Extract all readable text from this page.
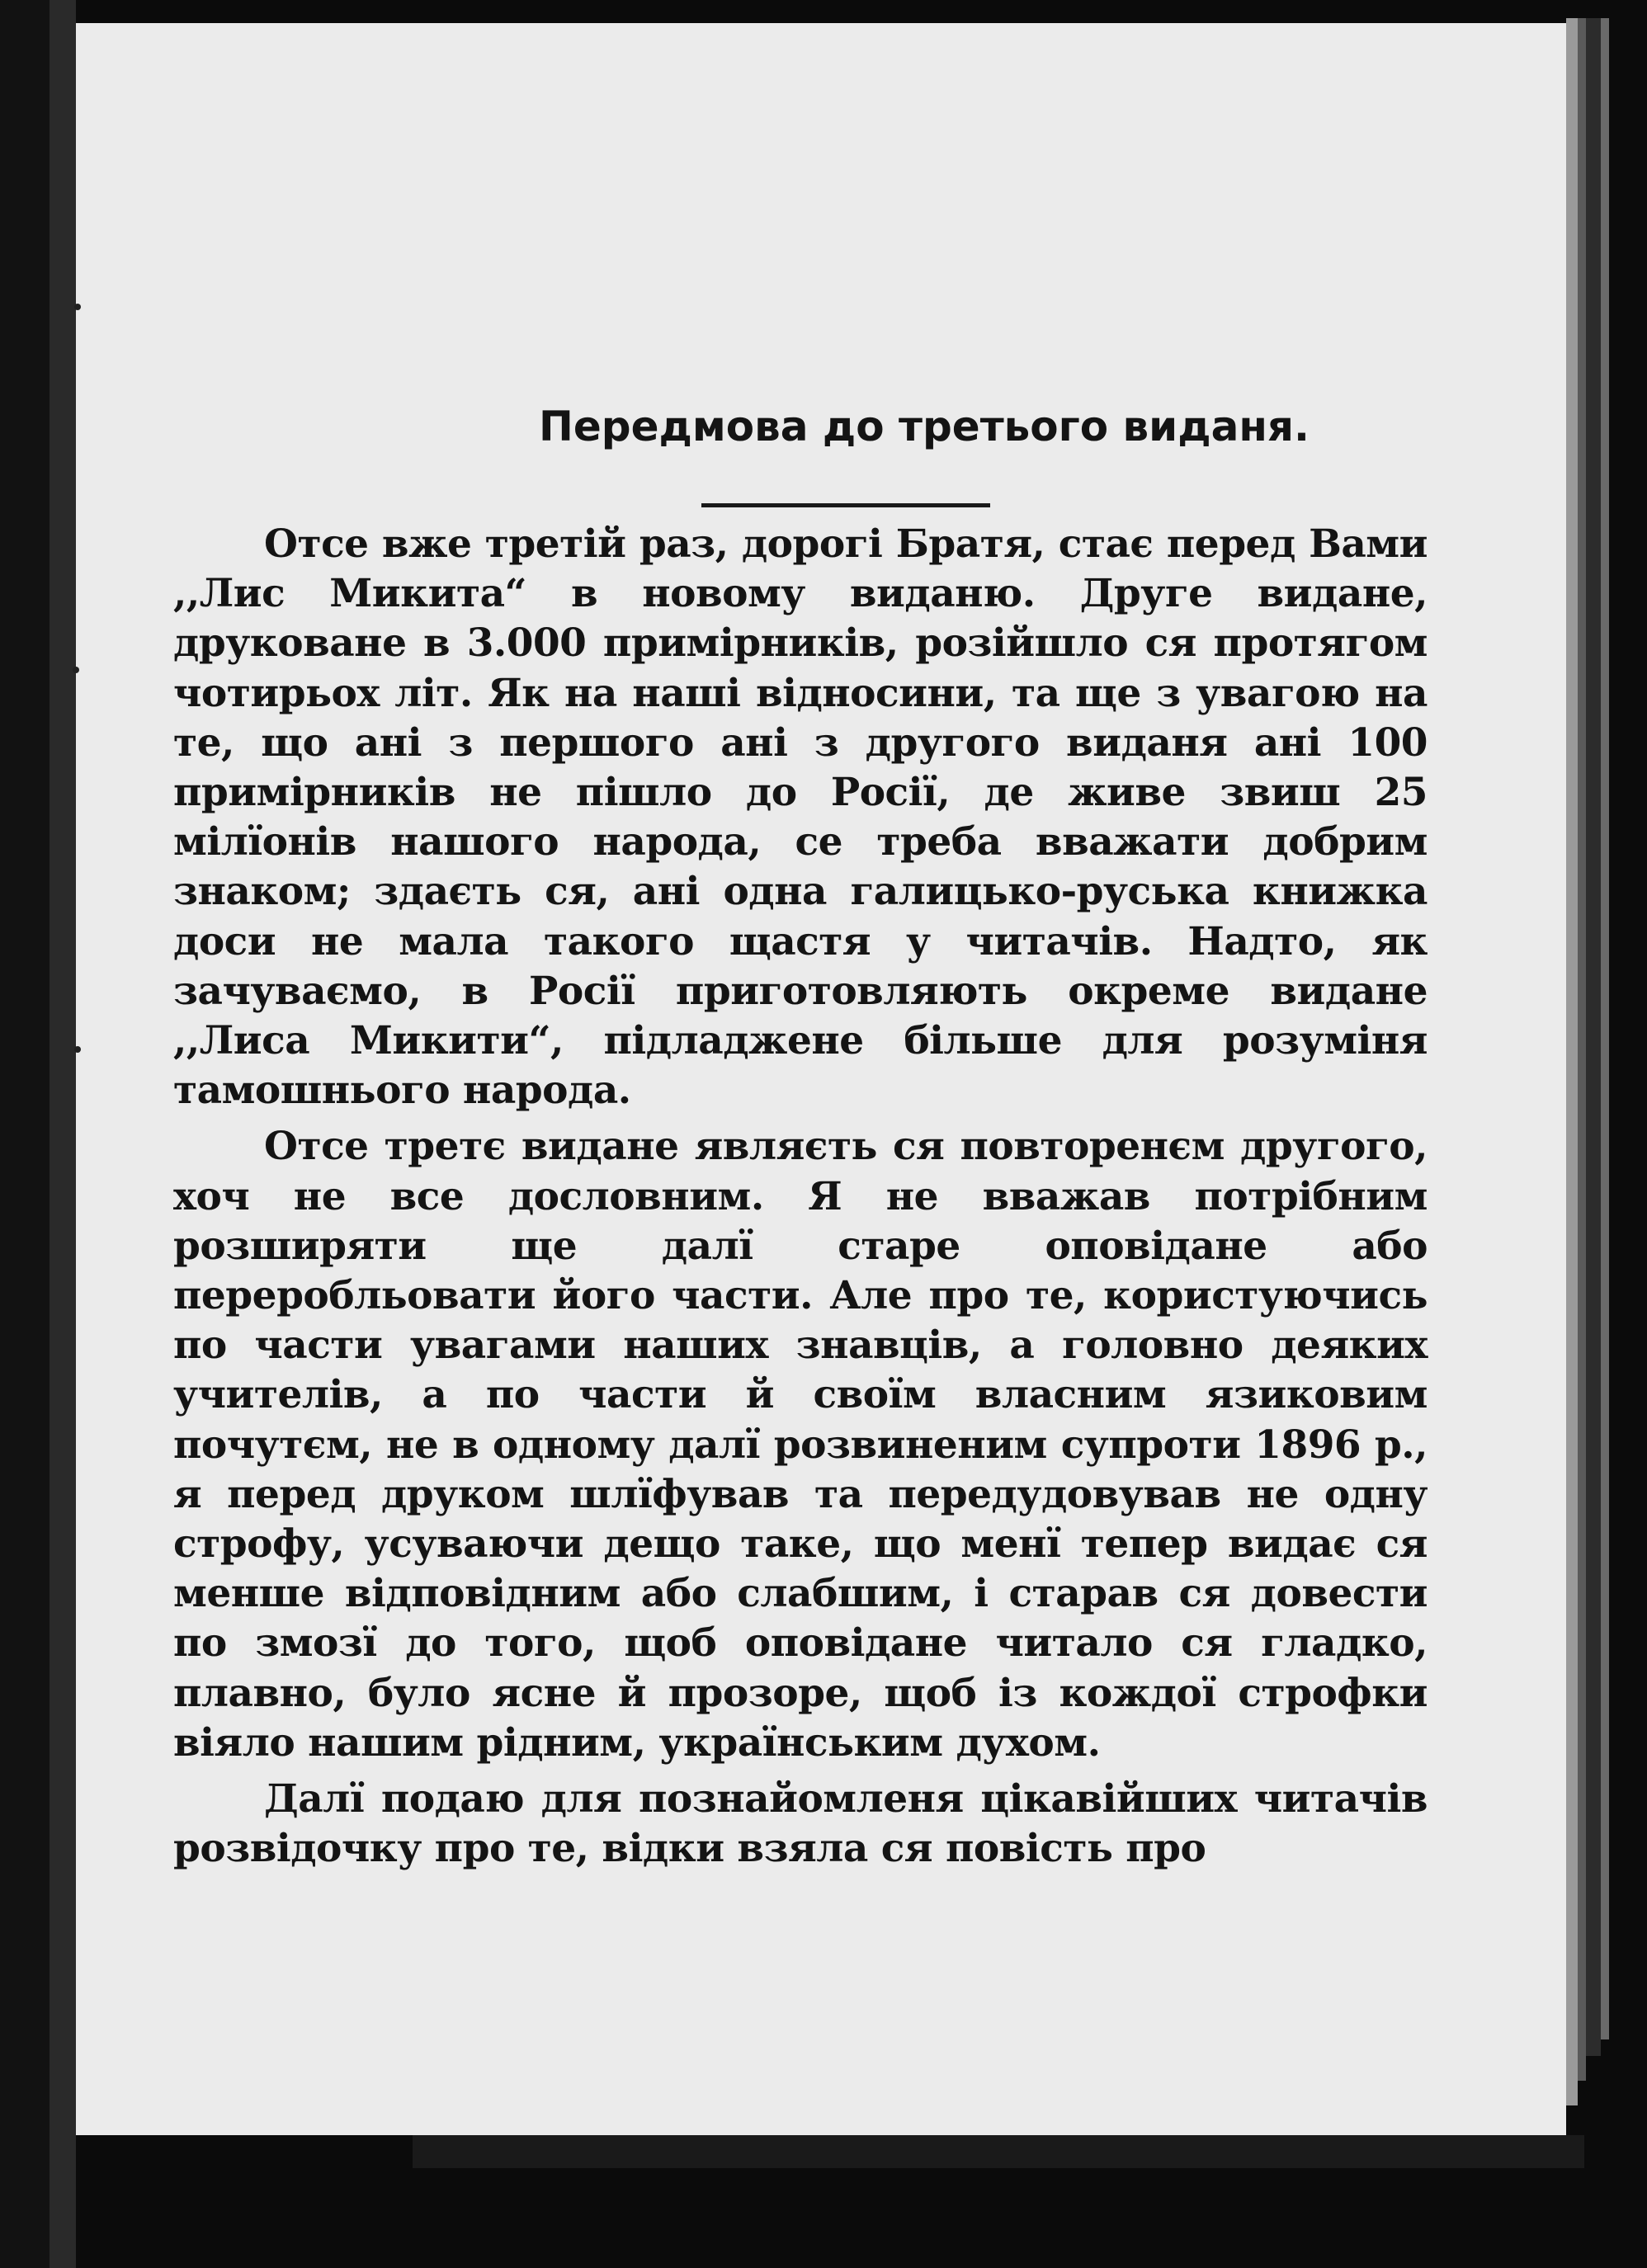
Передмова до третього виданя.

Отсе вже третій раз, дорогі Братя, стає перед Вами ,,Лис Микита“ в новому виданю. Друге видане, друковане в 3.000 примірників, розійшло ся протягом чотирьох літ. Як на наші відносини, та ще з увагою на те, що ані з першого ані з другого виданя ані 100 примірників не пішло до Росії, де живе звиш 25 мілїонів нашого народа, се треба вважати добрим знаком; здаєть ся, ані одна галицько-руська книжка доси не мала такого щастя у читачів. Надто, як зачуваємо, в Росії приготовляють окреме видане ,,Лиса Микити“, підладжене більше для розуміня тамошнього народа.

Отсе третє видане являєть ся повторенєм другого, хоч не все дословним. Я не вважав потрібним розширяти ще далї старе оповідане або переробльовати його части. Але про те, користуючись по части увагами наших знавців, а головно деяких учителів, а по части й своїм власним язиковим почутєм, не в одному далї розвиненим супроти 1896 р., я перед друком шлїфував та передудовував не одну строфу, усуваючи дещо таке, що менї тепер видає ся менше відповідним або слабшим, і старав ся довести по змозї до того, щоб оповідане читало ся гладко, плавно, було ясне й прозоре, щоб із кождої строфки віяло нашим рідним, українським духом.

Далї подаю для познайомленя цікавійших читачів розвідочку про те, відки взяла ся повість про
